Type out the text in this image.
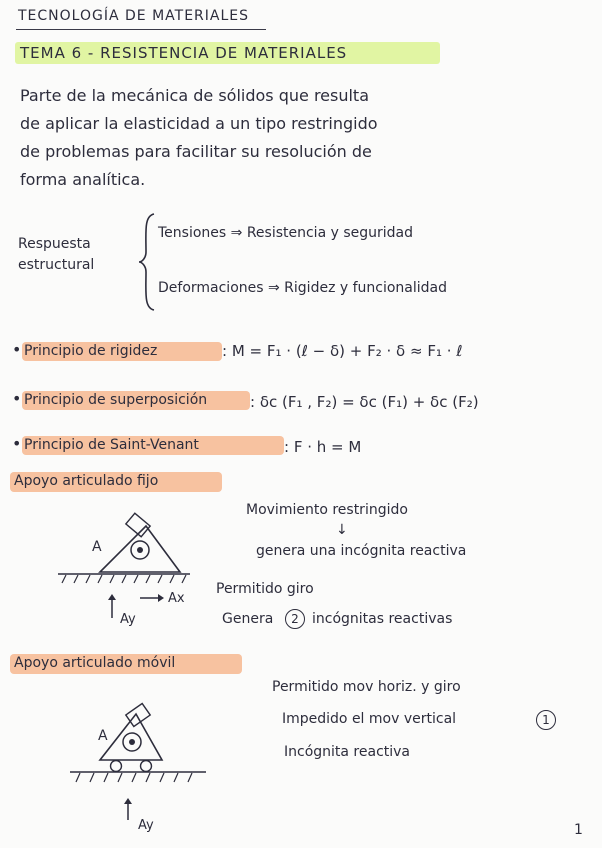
TECNOLOGÍA DE MATERIALES
TEMA 6 - RESISTENCIA DE MATERIALES
Parte de la mecánica de sólidos que resulta
de aplicar la elasticidad a un tipo restringido
de problemas para facilitar su resolución de
forma analítica.
Respuesta
estructural
Tensiones ⇒ Resistencia y seguridad
Deformaciones ⇒ Rigidez y funcionalidad
• Principio de rigidez	: M = F₁ · (ℓ − δ) + F₂ · δ ≈ F₁ · ℓ
• Principio de superposición	: δc (F₁ , F₂) = δc (F₁) + δc (F₂)
• Principio de Saint-Venant	: F · h = M
Apoyo articulado fijo
Movimiento restringido
↓
genera una incógnita reactiva
Permitido giro
Genera	2 incógnitas reactivas
A
Ax
Ay
Apoyo articulado móvil
Permitido mov horiz. y giro
Impedido el mov vertical	1
Incógnita reactiva
A
Ay	1
